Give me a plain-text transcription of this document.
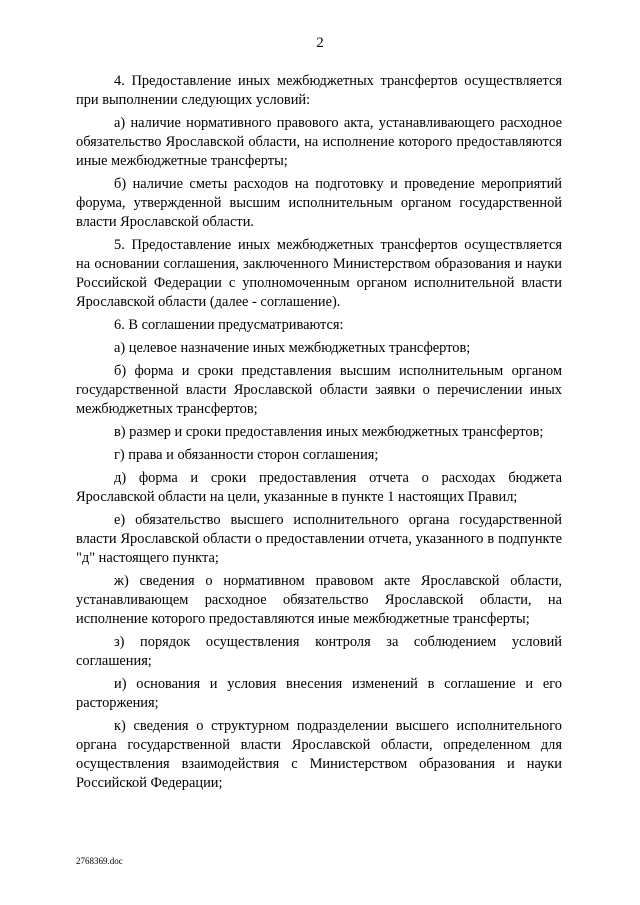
2

4. Предоставление иных межбюджетных трансфертов осуществляется при выполнении следующих условий:

а) наличие нормативного правового акта, устанавливающего расходное обязательство Ярославской области, на исполнение которого предоставляются иные межбюджетные трансферты;

б) наличие сметы расходов на подготовку и проведение мероприятий форума, утвержденной высшим исполнительным органом государственной власти Ярославской области.

5. Предоставление иных межбюджетных трансфертов осуществляется на основании соглашения, заключенного Министерством образования и науки Российской Федерации с уполномоченным органом исполнительной власти Ярославской области (далее - соглашение).

6. В соглашении предусматриваются:

а) целевое назначение иных межбюджетных трансфертов;

б) форма и сроки представления высшим исполнительным органом государственной власти Ярославской области заявки о перечислении иных межбюджетных трансфертов;

в) размер и сроки предоставления иных межбюджетных трансфертов;

г) права и обязанности сторон соглашения;

д) форма и сроки предоставления отчета о расходах бюджета Ярославской области на цели, указанные в пункте 1 настоящих Правил;

е) обязательство высшего исполнительного органа государственной власти Ярославской области о предоставлении отчета, указанного в подпункте "д" настоящего пункта;

ж) сведения о нормативном правовом акте Ярославской области, устанавливающем расходное обязательство Ярославской области, на исполнение которого предоставляются иные межбюджетные трансферты;

з) порядок осуществления контроля за соблюдением условий соглашения;

и) основания и условия внесения изменений в соглашение и его расторжения;

к) сведения о структурном подразделении высшего исполнительного органа государственной власти Ярославской области, определенном для осуществления взаимодействия с Министерством образования и науки Российской Федерации;

2768369.doc
